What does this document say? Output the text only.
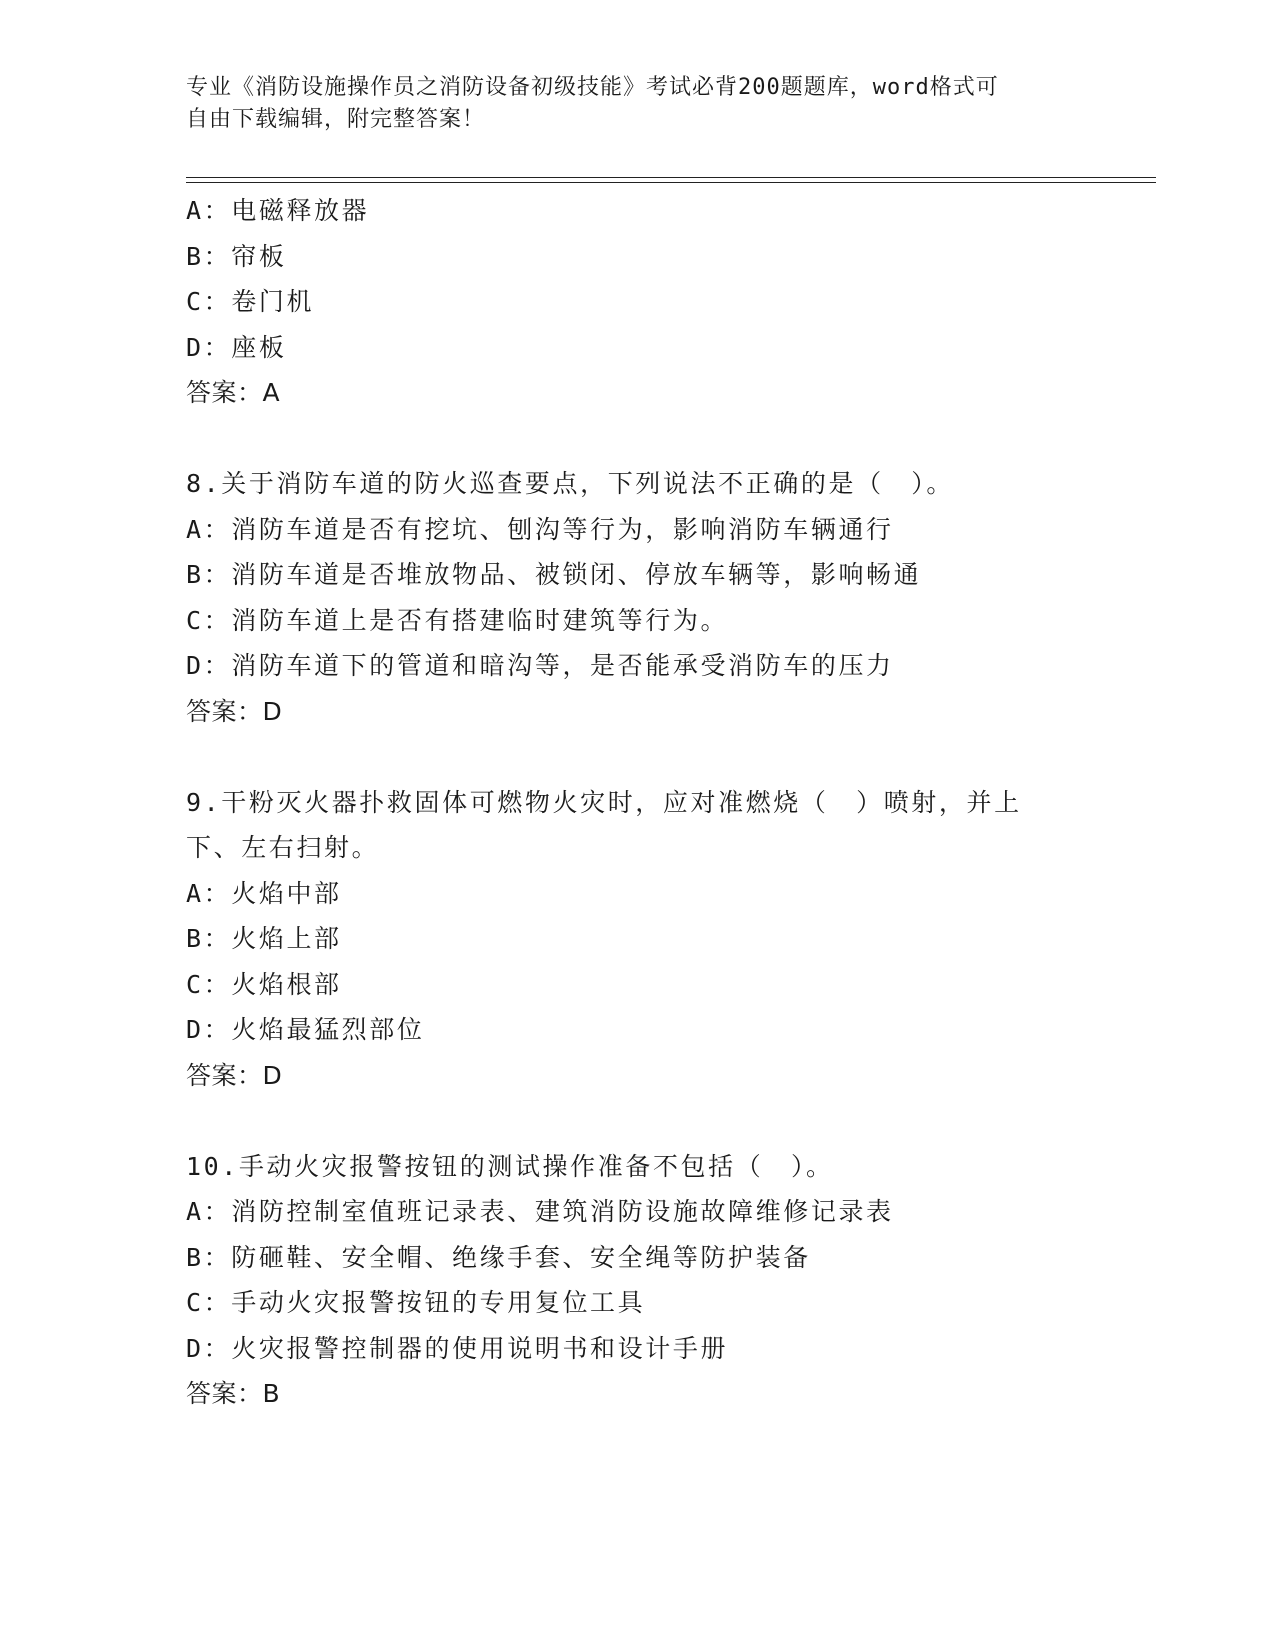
专业《消防设施操作员之消防设备初级技能》考试必背200题题库，word格式可
自由下载编辑，附完整答案！
A：电磁释放器
B：帘板
C：卷门机
D：座板
答案：A
8.关于消防车道的防火巡查要点，下列说法不正确的是（　）。
A：消防车道是否有挖坑、刨沟等行为，影响消防车辆通行
B：消防车道是否堆放物品、被锁闭、停放车辆等，影响畅通
C：消防车道上是否有搭建临时建筑等行为。
D：消防车道下的管道和暗沟等，是否能承受消防车的压力
答案：D
9.干粉灭火器扑救固体可燃物火灾时，应对准燃烧（　）喷射，并上
下、左右扫射。
A：火焰中部
B：火焰上部
C：火焰根部
D：火焰最猛烈部位
答案：D
10.手动火灾报警按钮的测试操作准备不包括（　）。
A：消防控制室值班记录表、建筑消防设施故障维修记录表
B：防砸鞋、安全帽、绝缘手套、安全绳等防护装备
C：手动火灾报警按钮的专用复位工具
D：火灾报警控制器的使用说明书和设计手册
答案：B
